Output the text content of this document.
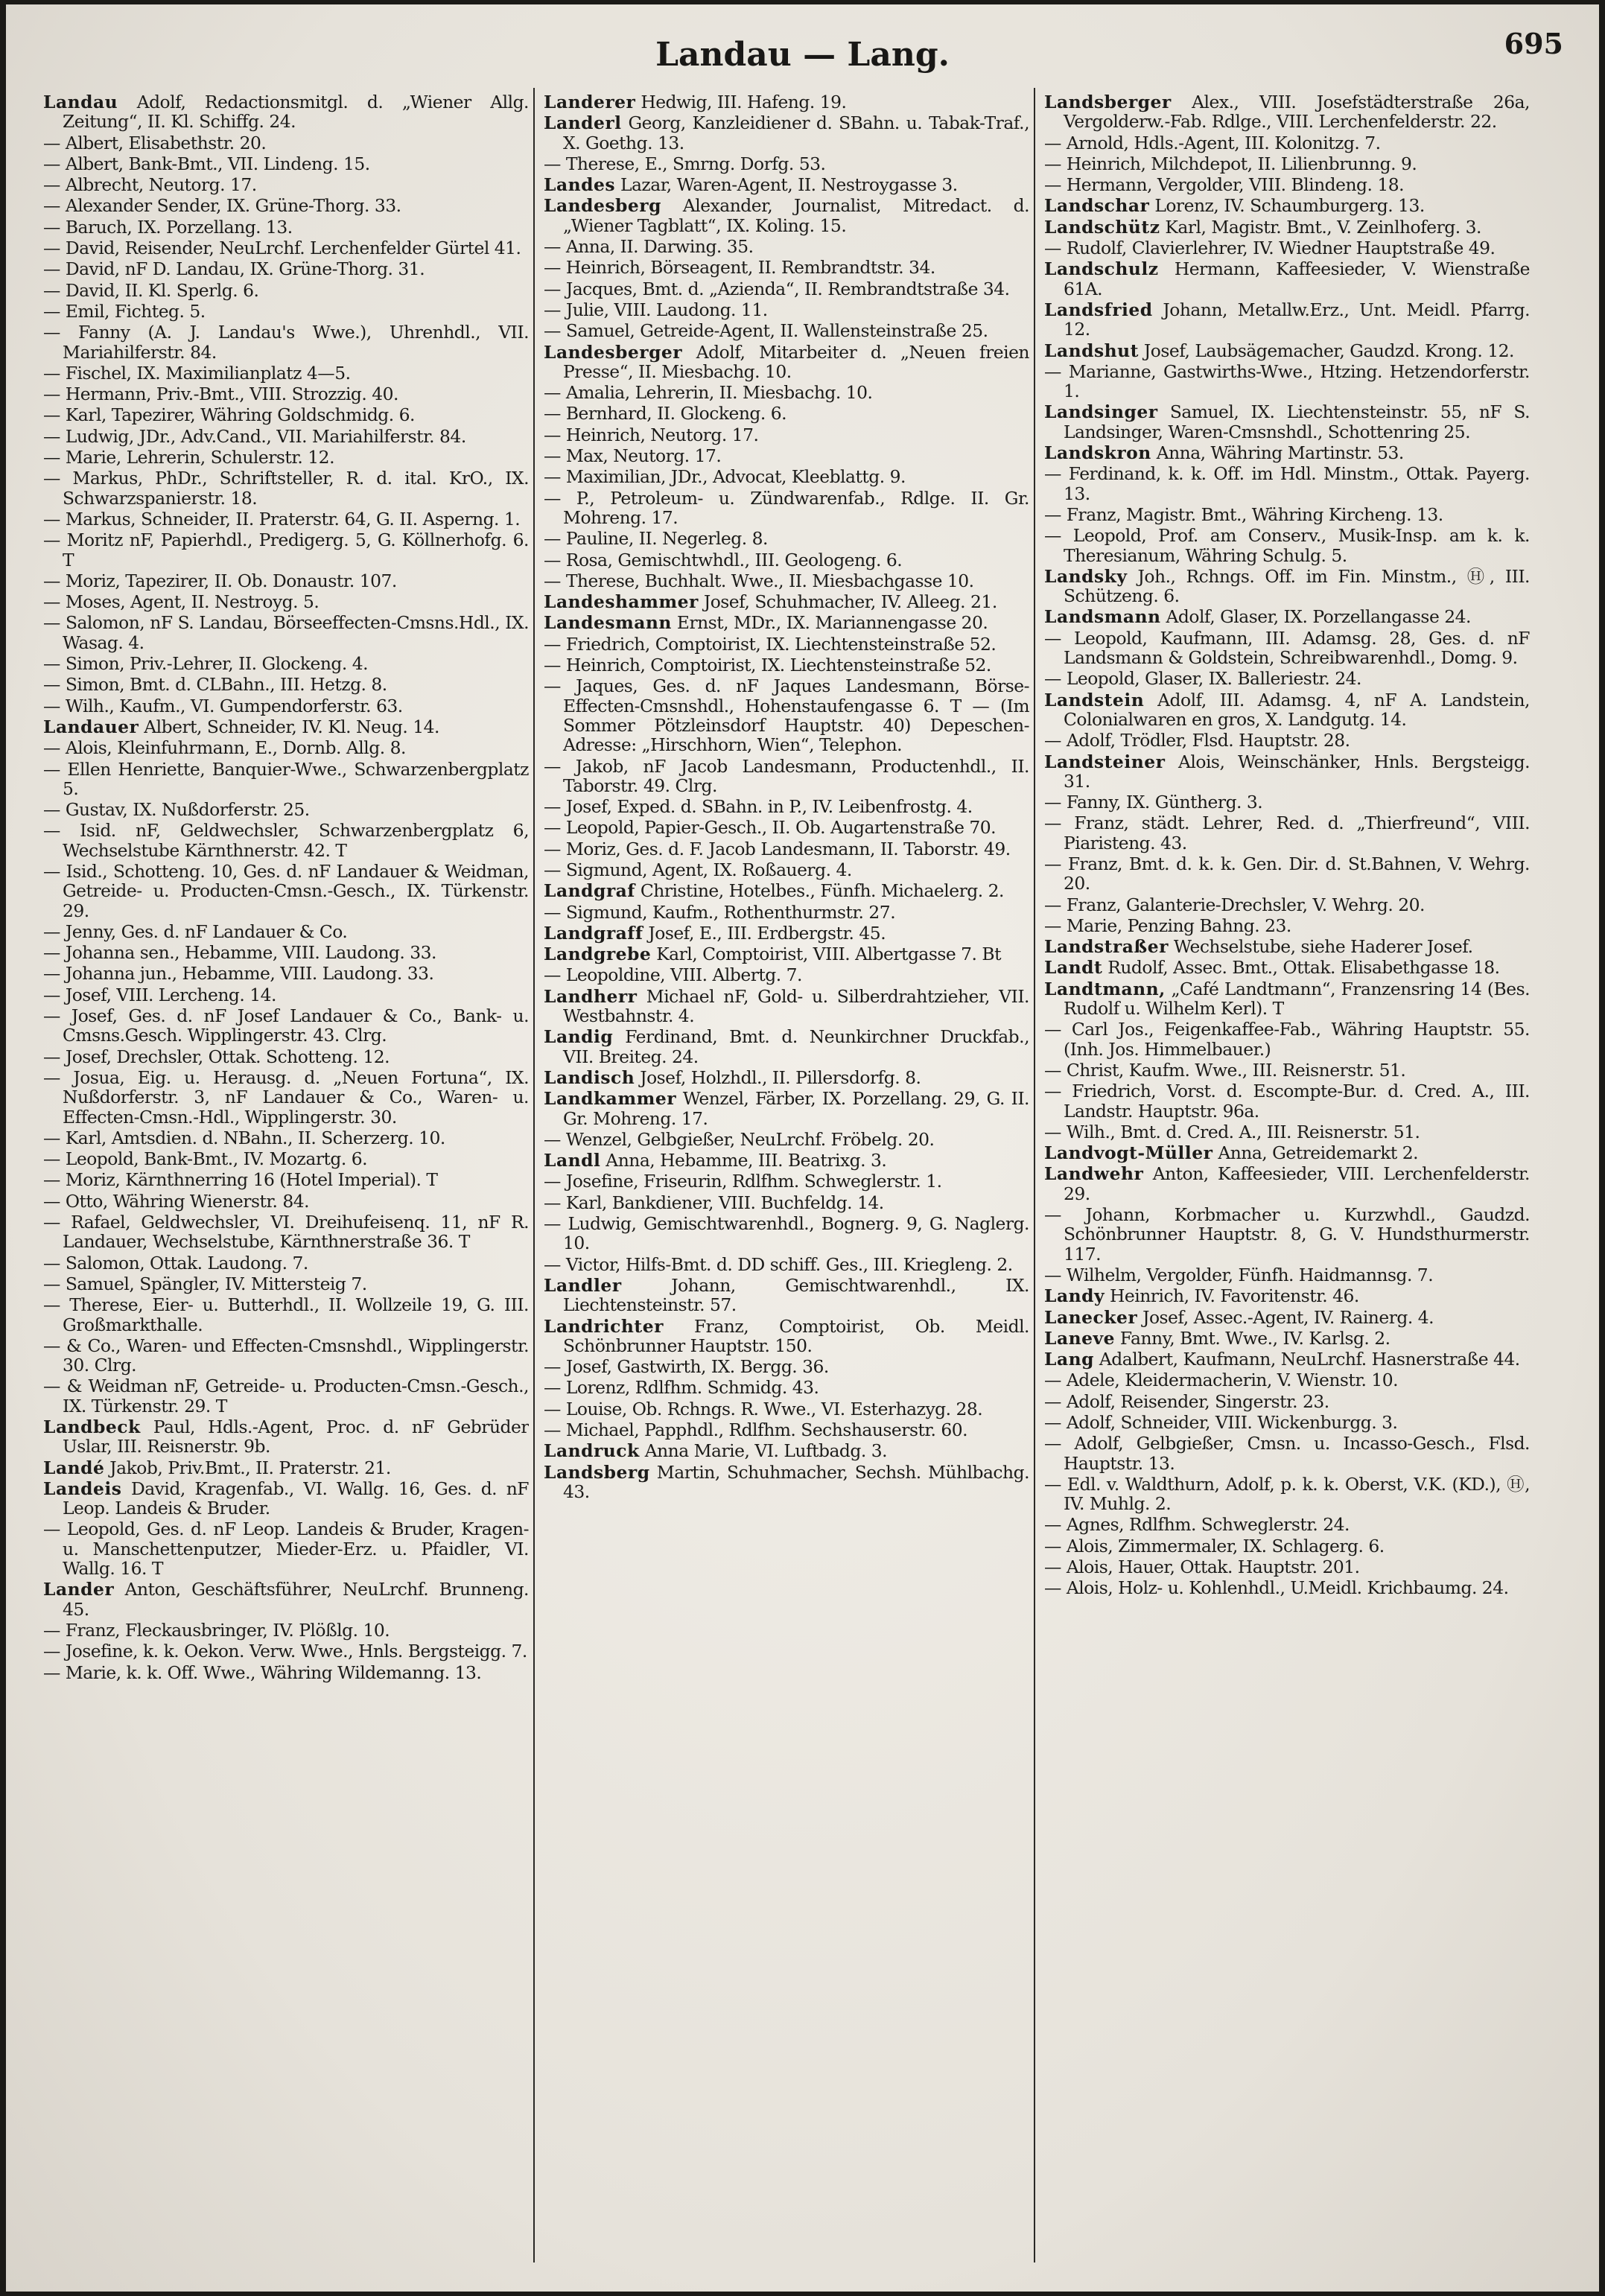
Landau — Lang.	695
Landau Adolf, Redactionsmitgl. d. „Wiener Allg. Zeitung“, II. Kl. Schiffg. 24.
— Albert, Elisabethstr. 20.
— Albert, Bank-Bmt., VII. Lindeng. 15.
— Albrecht, Neutorg. 17.
— Alexander Sender, IX. Grüne-Thorg. 33.
— Baruch, IX. Porzellang. 13.
— David, Reisender, NeuLrchf. Lerchenfelder Gürtel 41.
— David, nF D. Landau, IX. Grüne-Thorg. 31.
— David, II. Kl. Sperlg. 6.
— Emil, Fichteg. 5.
— Fanny (A. J. Landau's Wwe.), Uhrenhdl., VII. Mariahilferstr. 84.
— Fischel, IX. Maximilianplatz 4—5.
— Hermann, Priv.-Bmt., VIII. Strozzig. 40.
— Karl, Tapezirer, Währing Goldschmidg. 6.
— Ludwig, JDr., Adv.Cand., VII. Mariahilferstr. 84.
— Marie, Lehrerin, Schulerstr. 12.
— Markus, PhDr., Schriftsteller, R. d. ital. KrO., IX. Schwarzspanierstr. 18.
— Markus, Schneider, II. Praterstr. 64, G. II. Asperng. 1.
— Moritz nF, Papierhdl., Predigerg. 5, G. Köllnerhofg. 6. T
— Moriz, Tapezirer, II. Ob. Donaustr. 107.
— Moses, Agent, II. Nestroyg. 5.
— Salomon, nF S. Landau, Börseeffecten-Cmsns.Hdl., IX. Wasag. 4.
— Simon, Priv.-Lehrer, II. Glockeng. 4.
— Simon, Bmt. d. CLBahn., III. Hetzg. 8.
— Wilh., Kaufm., VI. Gumpendorferstr. 63.
Landauer Albert, Schneider, IV. Kl. Neug. 14.
— Alois, Kleinfuhrmann, E., Dornb. Allg. 8.
— Ellen Henriette, Banquier-Wwe., Schwarzenbergplatz 5.
— Gustav, IX. Nußdorferstr. 25.
— Isid. nF, Geldwechsler, Schwarzenbergplatz 6, Wechselstube Kärnthnerstr. 42. T
— Isid., Schotteng. 10, Ges. d. nF Landauer & Weidman, Getreide- u. Producten-Cmsn.-Gesch., IX. Türkenstr. 29.
— Jenny, Ges. d. nF Landauer & Co.
— Johanna sen., Hebamme, VIII. Laudong. 33.
— Johanna jun., Hebamme, VIII. Laudong. 33.
— Josef, VIII. Lercheng. 14.
— Josef, Ges. d. nF Josef Landauer & Co., Bank- u. Cmsns.Gesch. Wipplingerstr. 43. Clrg.
— Josef, Drechsler, Ottak. Schotteng. 12.
— Josua, Eig. u. Herausg. d. „Neuen Fortuna“, IX. Nußdorferstr. 3, nF Landauer & Co., Waren- u. Effecten-Cmsn.-Hdl., Wipplingerstr. 30.
— Karl, Amtsdien. d. NBahn., II. Scherzerg. 10.
— Leopold, Bank-Bmt., IV. Mozartg. 6.
— Moriz, Kärnthnerring 16 (Hotel Imperial). T
— Otto, Währing Wienerstr. 84.
— Rafael, Geldwechsler, VI. Dreihufeisenq. 11, nF R. Landauer, Wechselstube, Kärnthnerstraße 36. T
— Salomon, Ottak. Laudong. 7.
— Samuel, Spängler, IV. Mittersteig 7.
— Therese, Eier- u. Butterhdl., II. Wollzeile 19, G. III. Großmarkthalle.
— & Co., Waren- und Effecten-Cmsnshdl., Wipplingerstr. 30. Clrg.
— & Weidman nF, Getreide- u. Producten-Cmsn.-Gesch., IX. Türkenstr. 29. T
Landbeck Paul, Hdls.-Agent, Proc. d. nF Gebrüder Uslar, III. Reisnerstr. 9b.
Landé Jakob, Priv.Bmt., II. Praterstr. 21.
Landeis David, Kragenfab., VI. Wallg. 16, Ges. d. nF Leop. Landeis & Bruder.
— Leopold, Ges. d. nF Leop. Landeis & Bruder, Kragen- u. Manschettenputzer, Mieder-Erz. u. Pfaidler, VI. Wallg. 16. T
Lander Anton, Geschäftsführer, NeuLrchf. Brunneng. 45.
— Franz, Fleckausbringer, IV. Plößlg. 10.
— Josefine, k. k. Oekon. Verw. Wwe., Hnls. Bergsteigg. 7.
— Marie, k. k. Off. Wwe., Währing Wildemanng. 13.
Landerer Hedwig, III. Hafeng. 19.
Landerl Georg, Kanzleidiener d. SBahn. u. Tabak-Traf., X. Goethg. 13.
— Therese, E., Smrng. Dorfg. 53.
Landes Lazar, Waren-Agent, II. Nestroygasse 3.
Landesberg Alexander, Journalist, Mitredact. d. „Wiener Tagblatt“, IX. Koling. 15.
— Anna, II. Darwing. 35.
— Heinrich, Börseagent, II. Rembrandtstr. 34.
— Jacques, Bmt. d. „Azienda“, II. Rembrandtstraße 34.
— Julie, VIII. Laudong. 11.
— Samuel, Getreide-Agent, II. Wallensteinstraße 25.
Landesberger Adolf, Mitarbeiter d. „Neuen freien Presse“, II. Miesbachg. 10.
— Amalia, Lehrerin, II. Miesbachg. 10.
— Bernhard, II. Glockeng. 6.
— Heinrich, Neutorg. 17.
— Max, Neutorg. 17.
— Maximilian, JDr., Advocat, Kleeblattg. 9.
— P., Petroleum- u. Zündwarenfab., Rdlge. II. Gr. Mohreng. 17.
— Pauline, II. Negerleg. 8.
— Rosa, Gemischtwhdl., III. Geologeng. 6.
— Therese, Buchhalt. Wwe., II. Miesbachgasse 10.
Landeshammer Josef, Schuhmacher, IV. Alleeg. 21.
Landesmann Ernst, MDr., IX. Mariannengasse 20.
— Friedrich, Comptoirist, IX. Liechtensteinstraße 52.
— Heinrich, Comptoirist, IX. Liechtensteinstraße 52.
— Jaques, Ges. d. nF Jaques Landesmann, Börse-Effecten-Cmsnshdl., Hohenstaufengasse 6. T — (Im Sommer Pötzleinsdorf Hauptstr. 40) Depeschen-Adresse: „Hirschhorn, Wien“, Telephon.
— Jakob, nF Jacob Landesmann, Productenhdl., II. Taborstr. 49. Clrg.
— Josef, Exped. d. SBahn. in P., IV. Leibenfrostg. 4.
— Leopold, Papier-Gesch., II. Ob. Augartenstraße 70.
— Moriz, Ges. d. F. Jacob Landesmann, II. Taborstr. 49.
— Sigmund, Agent, IX. Roßauerg. 4.
Landgraf Christine, Hotelbes., Fünfh. Michaelerg. 2.
— Sigmund, Kaufm., Rothenthurmstr. 27.
Landgraff Josef, E., III. Erdbergstr. 45.
Landgrebe Karl, Comptoirist, VIII. Albertgasse 7. Bt
— Leopoldine, VIII. Albertg. 7.
Landherr Michael nF, Gold- u. Silberdrahtzieher, VII. Westbahnstr. 4.
Landig Ferdinand, Bmt. d. Neunkirchner Druckfab., VII. Breiteg. 24.
Landisch Josef, Holzhdl., II. Pillersdorfg. 8.
Landkammer Wenzel, Färber, IX. Porzellang. 29, G. II. Gr. Mohreng. 17.
— Wenzel, Gelbgießer, NeuLrchf. Fröbelg. 20.
Landl Anna, Hebamme, III. Beatrixg. 3.
— Josefine, Friseurin, Rdlfhm. Schweglerstr. 1.
— Karl, Bankdiener, VIII. Buchfeldg. 14.
— Ludwig, Gemischtwarenhdl., Bognerg. 9, G. Naglerg. 10.
— Victor, Hilfs-Bmt. d. DD schiff. Ges., III. Kriegleng. 2.
Landler	Johann, Gemischtwarenhdl., IX. Liechtensteinstr. 57.
Landrichter Franz, Comptoirist, Ob. Meidl. Schönbrunner Hauptstr. 150.
— Josef, Gastwirth, IX. Bergg. 36.
— Lorenz, Rdlfhm. Schmidg. 43.
— Louise, Ob. Rchngs. R. Wwe., VI. Esterhazyg. 28.
— Michael, Papphdl., Rdlfhm. Sechshauserstr. 60.
Landruck Anna Marie, VI. Luftbadg. 3.
Landsberg Martin, Schuhmacher, Sechsh. Mühlbachg. 43.
Landsberger Alex., VIII. Josefstädterstraße 26a, Vergolderw.-Fab. Rdlge., VIII. Lerchenfelderstr. 22.
— Arnold, Hdls.-Agent, III. Kolonitzg. 7.
— Heinrich, Milchdepot, II. Lilienbrunng. 9.
— Hermann, Vergolder, VIII. Blindeng. 18.
Landschar Lorenz, IV. Schaumburgerg. 13.
Landschütz Karl, Magistr. Bmt., V. Zeinlhoferg. 3.
— Rudolf, Clavierlehrer, IV. Wiedner Hauptstraße 49.
Landschulz Hermann, Kaffeesieder, V. Wienstraße 61A.
Landsfried Johann, Metallw.Erz., Unt. Meidl. Pfarrg. 12.
Landshut Josef, Laubsägemacher, Gaudzd. Krong. 12.
— Marianne, Gastwirths-Wwe., Htzing. Hetzendorferstr. 1.
Landsinger Samuel, IX. Liechtensteinstr. 55, nF S. Landsinger, Waren-Cmsnshdl., Schottenring 25.
Landskron Anna, Währing Martinstr. 53.
— Ferdinand, k. k. Off. im Hdl. Minstm., Ottak. Payerg. 13.
— Franz, Magistr. Bmt., Währing Kircheng. 13.
— Leopold, Prof. am Conserv., Musik-Insp. am k. k. Theresianum, Währing Schulg. 5.
Landsky Joh., Rchngs. Off. im Fin. Minstm., Ⓗ, III. Schützeng. 6.
Landsmann Adolf, Glaser, IX. Porzellangasse 24.
— Leopold, Kaufmann, III. Adamsg. 28, Ges. d. nF Landsmann & Goldstein, Schreibwarenhdl., Domg. 9.
— Leopold, Glaser, IX. Balleriestr. 24.
Landstein Adolf, III. Adamsg. 4, nF A. Landstein, Colonialwaren en gros, X. Landgutg. 14.
— Adolf, Trödler, Flsd. Hauptstr. 28.
Landsteiner Alois, Weinschänker, Hnls. Bergsteigg. 31.
— Fanny, IX. Güntherg. 3.
— Franz, städt. Lehrer, Red. d. „Thierfreund“, VIII. Piaristeng. 43.
— Franz, Bmt. d. k. k. Gen. Dir. d. St.Bahnen, V. Wehrg. 20.
— Franz, Galanterie-Drechsler, V. Wehrg. 20.
— Marie, Penzing Bahng. 23.
Landstraßer Wechselstube, siehe Haderer Josef.
Landt Rudolf, Assec. Bmt., Ottak. Elisabethgasse 18.
Landtmann, „Café Landtmann“, Franzensring 14 (Bes. Rudolf u. Wilhelm Kerl). T
— Carl Jos., Feigenkaffee-Fab., Währing Hauptstr. 55. (Inh. Jos. Himmelbauer.)
— Christ, Kaufm. Wwe., III. Reisnerstr. 51.
— Friedrich, Vorst. d. Escompte-Bur. d. Cred. A., III. Landstr. Hauptstr. 96a.
— Wilh., Bmt. d. Cred. A., III. Reisnerstr. 51.
Landvogt-Müller Anna, Getreidemarkt 2.
Landwehr Anton, Kaffeesieder, VIII. Lerchenfelderstr. 29.
— Johann, Korbmacher u. Kurzwhdl., Gaudzd. Schönbrunner Hauptstr. 8, G. V. Hundsthurmerstr. 117.
— Wilhelm, Vergolder, Fünfh. Haidmannsg. 7.
Landy Heinrich, IV. Favoritenstr. 46.
Lanecker Josef, Assec.-Agent, IV. Rainerg. 4.
Laneve Fanny, Bmt. Wwe., IV. Karlsg. 2.
Lang Adalbert, Kaufmann, NeuLrchf. Hasnerstraße 44.
— Adele, Kleidermacherin, V. Wienstr. 10.
— Adolf, Reisender, Singerstr. 23.
— Adolf, Schneider, VIII. Wickenburgg. 3.
— Adolf, Gelbgießer, Cmsn. u. Incasso-Gesch., Flsd. Hauptstr. 13.
— Edl. v. Waldthurn, Adolf, p. k. k. Oberst, V.K. (KD.), Ⓗ, IV. Muhlg. 2.
— Agnes, Rdlfhm. Schweglerstr. 24.
— Alois, Zimmermaler, IX. Schlagerg. 6.
— Alois, Hauer, Ottak. Hauptstr. 201.
— Alois, Holz- u. Kohlenhdl., U.Meidl. Krichbaumg. 24.
